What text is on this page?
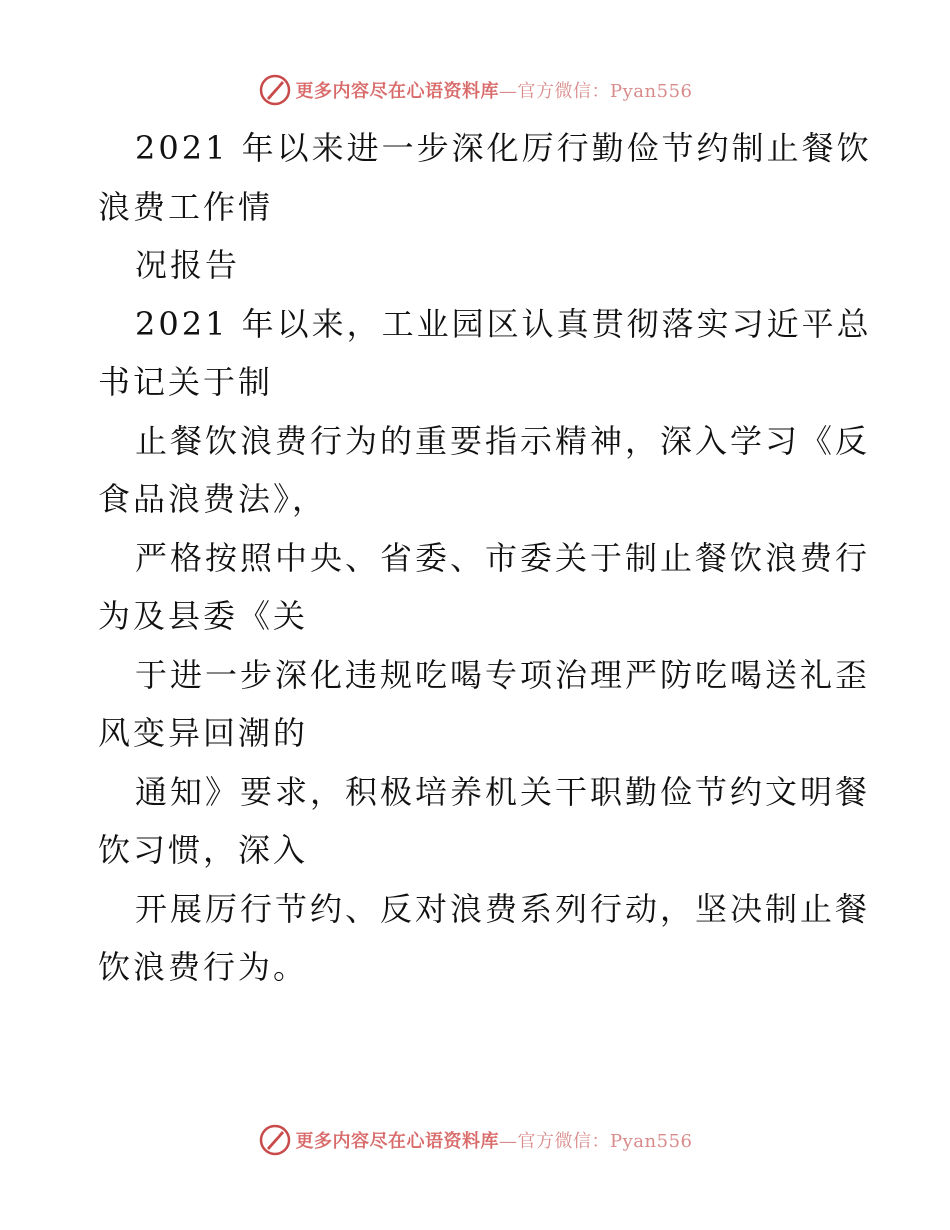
更多内容尽在心语资料库—官方微信：Pyan556
2021 年以来进一步深化厉行勤俭节约制止餐饮
浪费工作情
况报告
2021 年以来，工业园区认真贯彻落实习近平总
书记关于制
止餐饮浪费行为的重要指示精神，深入学习《反
食品浪费法》，
严格按照中央、省委、市委关于制止餐饮浪费行
为及县委《关
于进一步深化违规吃喝专项治理严防吃喝送礼歪
风变异回潮的
通知》要求，积极培养机关干职勤俭节约文明餐
饮习惯，深入
开展厉行节约、反对浪费系列行动，坚决制止餐
饮浪费行为。
更多内容尽在心语资料库—官方微信：Pyan556
